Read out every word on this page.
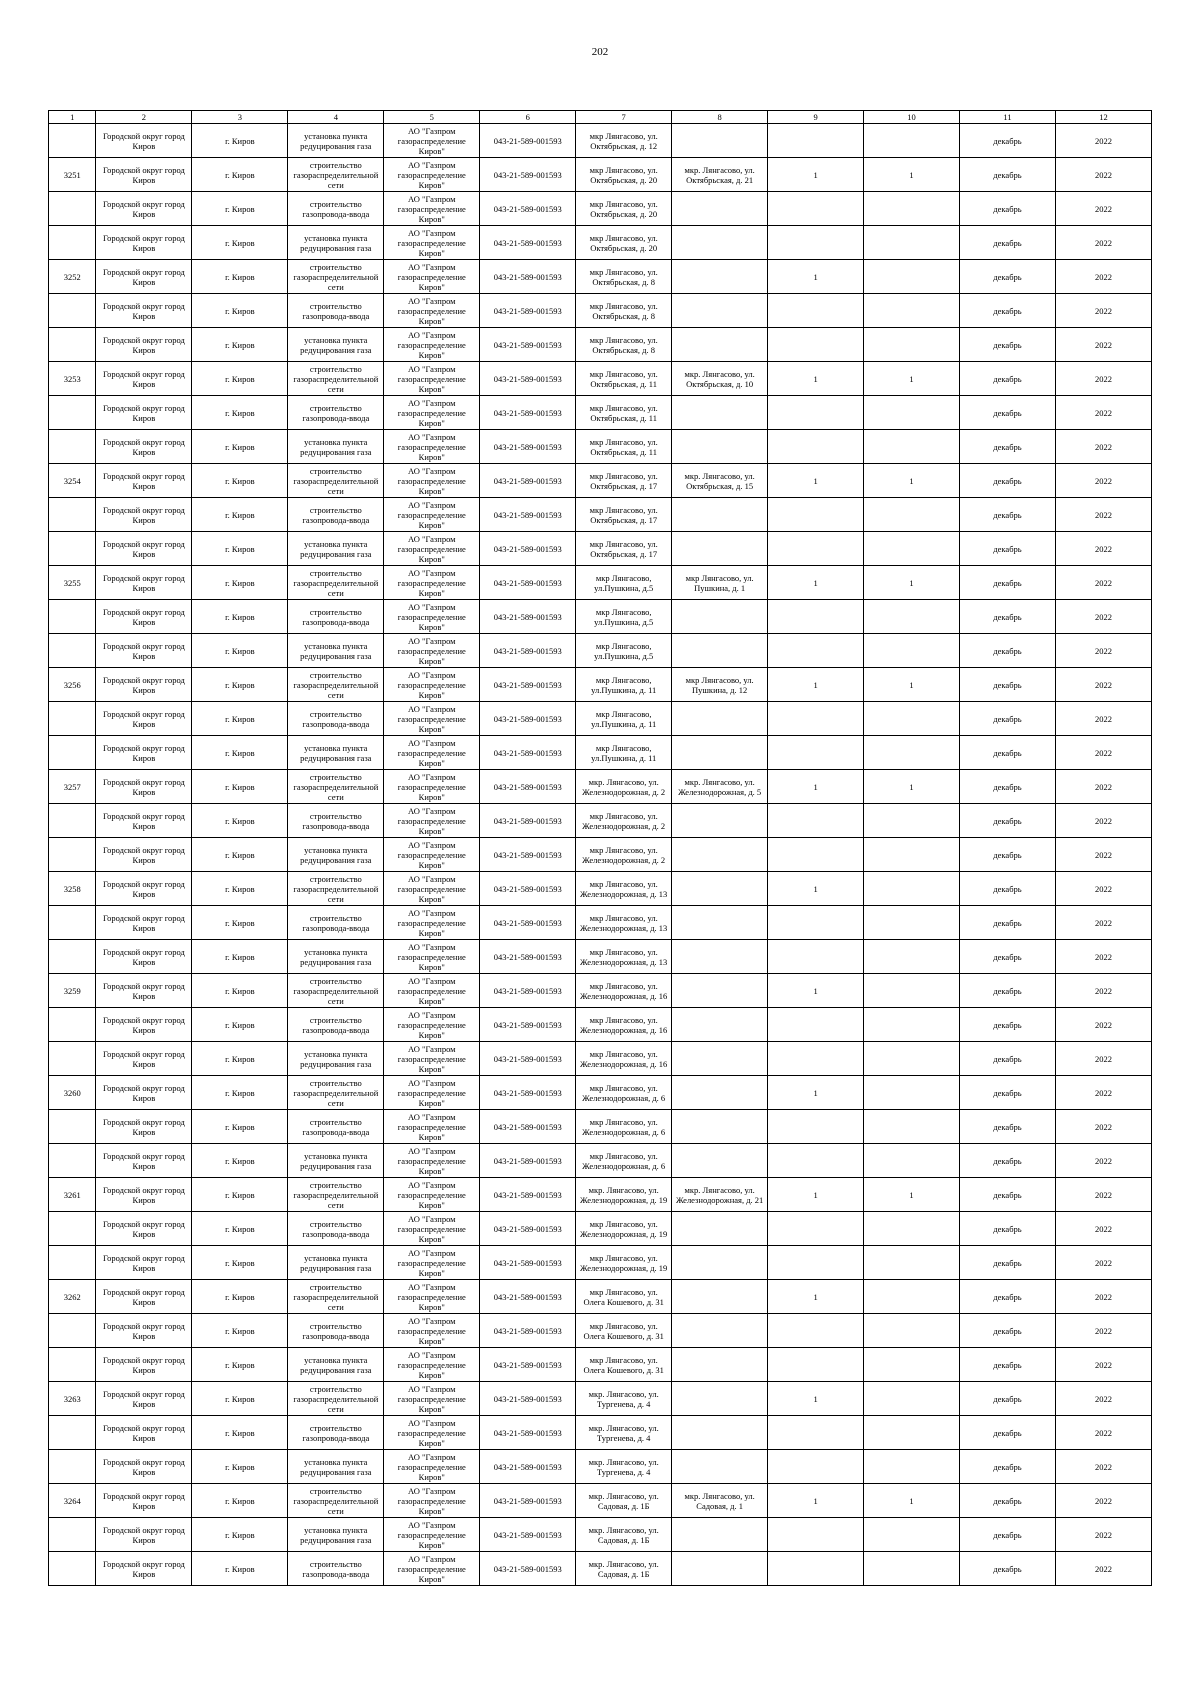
202
1	2	3	4	5	6	7	8	9	10	11	12

	Городской округ город Киров	г. Киров	установка пункта редуцирования газа	АО "Газпром газораспределение Киров"	043-21-589-001593	мкр Лянгасово, ул. Октябрьская, д. 12				декабрь	2022

3251	Городской округ город Киров	г. Киров	строительство газораспределительной сети	АО "Газпром газораспределение Киров"	043-21-589-001593	мкр Лянгасово, ул. Октябрьская, д. 20	мкр. Лянгасово, ул. Октябрьская, д. 21	1	1	декабрь	2022

	Городской округ город Киров	г. Киров	строительство газопровода-ввода	АО "Газпром газораспределение Киров"	043-21-589-001593	мкр Лянгасово, ул. Октябрьская, д. 20				декабрь	2022

	Городской округ город Киров	г. Киров	установка пункта редуцирования газа	АО "Газпром газораспределение Киров"	043-21-589-001593	мкр Лянгасово, ул. Октябрьская, д. 20				декабрь	2022

3252	Городской округ город Киров	г. Киров	строительство газораспределительной сети	АО "Газпром газораспределение Киров"	043-21-589-001593	мкр Лянгасово, ул. Октябрьская, д. 8		1		декабрь	2022

	Городской округ город Киров	г. Киров	строительство газопровода-ввода	АО "Газпром газораспределение Киров"	043-21-589-001593	мкр Лянгасово, ул. Октябрьская, д. 8				декабрь	2022

	Городской округ город Киров	г. Киров	установка пункта редуцирования газа	АО "Газпром газораспределение Киров"	043-21-589-001593	мкр Лянгасово, ул. Октябрьская, д. 8				декабрь	2022

3253	Городской округ город Киров	г. Киров	строительство газораспределительной сети	АО "Газпром газораспределение Киров"	043-21-589-001593	мкр Лянгасово, ул. Октябрьская, д. 11	мкр. Лянгасово, ул. Октябрьская, д. 10	1	1	декабрь	2022

	Городской округ город Киров	г. Киров	строительство газопровода-ввода	АО "Газпром газораспределение Киров"	043-21-589-001593	мкр Лянгасово, ул. Октябрьская, д. 11				декабрь	2022

	Городской округ город Киров	г. Киров	установка пункта редуцирования газа	АО "Газпром газораспределение Киров"	043-21-589-001593	мкр Лянгасово, ул. Октябрьская, д. 11				декабрь	2022

3254	Городской округ город Киров	г. Киров	строительство газораспределительной сети	АО "Газпром газораспределение Киров"	043-21-589-001593	мкр Лянгасово, ул. Октябрьская, д. 17	мкр. Лянгасово, ул. Октябрьская, д. 15	1	1	декабрь	2022

	Городской округ город Киров	г. Киров	строительство газопровода-ввода	АО "Газпром газораспределение Киров"	043-21-589-001593	мкр Лянгасово, ул. Октябрьская, д. 17				декабрь	2022

	Городской округ город Киров	г. Киров	установка пункта редуцирования газа	АО "Газпром газораспределение Киров"	043-21-589-001593	мкр Лянгасово, ул. Октябрьская, д. 17				декабрь	2022

3255	Городской округ город Киров	г. Киров	строительство газораспределительной сети	АО "Газпром газораспределение Киров"	043-21-589-001593	мкр Лянгасово, ул.Пушкина, д.5	мкр Лянгасово, ул. Пушкина, д. 1	1	1	декабрь	2022

	Городской округ город Киров	г. Киров	строительство газопровода-ввода	АО "Газпром газораспределение Киров"	043-21-589-001593	мкр Лянгасово, ул.Пушкина, д.5				декабрь	2022

	Городской округ город Киров	г. Киров	установка пункта редуцирования газа	АО "Газпром газораспределение Киров"	043-21-589-001593	мкр Лянгасово, ул.Пушкина, д.5				декабрь	2022

3256	Городской округ город Киров	г. Киров	строительство газораспределительной сети	АО "Газпром газораспределение Киров"	043-21-589-001593	мкр Лянгасово, ул.Пушкина, д. 11	мкр Лянгасово, ул. Пушкина, д. 12	1	1	декабрь	2022

	Городской округ город Киров	г. Киров	строительство газопровода-ввода	АО "Газпром газораспределение Киров"	043-21-589-001593	мкр Лянгасово, ул.Пушкина, д. 11				декабрь	2022

	Городской округ город Киров	г. Киров	установка пункта редуцирования газа	АО "Газпром газораспределение Киров"	043-21-589-001593	мкр Лянгасово, ул.Пушкина, д. 11				декабрь	2022

3257	Городской округ город Киров	г. Киров	строительство газораспределительной сети	АО "Газпром газораспределение Киров"	043-21-589-001593	мкр. Лянгасово, ул. Железнодорожная, д. 2	мкр. Лянгасово, ул. Железнодорожная, д. 5	1	1	декабрь	2022

	Городской округ город Киров	г. Киров	строительство газопровода-ввода	АО "Газпром газораспределение Киров"	043-21-589-001593	мкр Лянгасово, ул. Железнодорожная, д. 2				декабрь	2022

	Городской округ город Киров	г. Киров	установка пункта редуцирования газа	АО "Газпром газораспределение Киров"	043-21-589-001593	мкр Лянгасово, ул. Железнодорожная, д. 2				декабрь	2022

3258	Городской округ город Киров	г. Киров	строительство газораспределительной сети	АО "Газпром газораспределение Киров"	043-21-589-001593	мкр Лянгасово, ул. Железнодорожная, д. 13		1		декабрь	2022

	Городской округ город Киров	г. Киров	строительство газопровода-ввода	АО "Газпром газораспределение Киров"	043-21-589-001593	мкр Лянгасово, ул. Железнодорожная, д. 13				декабрь	2022

	Городской округ город Киров	г. Киров	установка пункта редуцирования газа	АО "Газпром газораспределение Киров"	043-21-589-001593	мкр Лянгасово, ул. Железнодорожная, д. 13				декабрь	2022

3259	Городской округ город Киров	г. Киров	строительство газораспределительной сети	АО "Газпром газораспределение Киров"	043-21-589-001593	мкр Лянгасово, ул. Железнодорожная, д. 16		1		декабрь	2022

	Городской округ город Киров	г. Киров	строительство газопровода-ввода	АО "Газпром газораспределение Киров"	043-21-589-001593	мкр Лянгасово, ул. Железнодорожная, д. 16				декабрь	2022

	Городской округ город Киров	г. Киров	установка пункта редуцирования газа	АО "Газпром газораспределение Киров"	043-21-589-001593	мкр Лянгасово, ул. Железнодорожная, д. 16				декабрь	2022

3260	Городской округ город Киров	г. Киров	строительство газораспределительной сети	АО "Газпром газораспределение Киров"	043-21-589-001593	мкр Лянгасово, ул. Железнодорожная, д. 6		1		декабрь	2022

	Городской округ город Киров	г. Киров	строительство газопровода-ввода	АО "Газпром газораспределение Киров"	043-21-589-001593	мкр Лянгасово, ул. Железнодорожная, д. 6				декабрь	2022

	Городской округ город Киров	г. Киров	установка пункта редуцирования газа	АО "Газпром газораспределение Киров"	043-21-589-001593	мкр Лянгасово, ул. Железнодорожная, д. 6				декабрь	2022

3261	Городской округ город Киров	г. Киров	строительство газораспределительной сети	АО "Газпром газораспределение Киров"	043-21-589-001593	мкр. Лянгасово, ул. Железнодорожная, д. 19	мкр. Лянгасово, ул. Железнодорожная, д. 21	1	1	декабрь	2022

	Городской округ город Киров	г. Киров	строительство газопровода-ввода	АО "Газпром газораспределение Киров"	043-21-589-001593	мкр Лянгасово, ул. Железнодорожная, д. 19				декабрь	2022

	Городской округ город Киров	г. Киров	установка пункта редуцирования газа	АО "Газпром газораспределение Киров"	043-21-589-001593	мкр Лянгасово, ул. Железнодорожная, д. 19				декабрь	2022

3262	Городской округ город Киров	г. Киров	строительство газораспределительной сети	АО "Газпром газораспределение Киров"	043-21-589-001593	мкр Лянгасово, ул. Олега Кошевого, д. 31		1		декабрь	2022

	Городской округ город Киров	г. Киров	строительство газопровода-ввода	АО "Газпром газораспределение Киров"	043-21-589-001593	мкр Лянгасово, ул. Олега Кошевого, д. 31				декабрь	2022

	Городской округ город Киров	г. Киров	установка пункта редуцирования газа	АО "Газпром газораспределение Киров"	043-21-589-001593	мкр Лянгасово, ул. Олега Кошевого, д. 31				декабрь	2022

3263	Городской округ город Киров	г. Киров	строительство газораспределительной сети	АО "Газпром газораспределение Киров"	043-21-589-001593	мкр. Лянгасово, ул. Тургенева, д. 4		1		декабрь	2022

	Городской округ город Киров	г. Киров	строительство газопровода-ввода	АО "Газпром газораспределение Киров"	043-21-589-001593	мкр. Лянгасово, ул. Тургенева, д. 4				декабрь	2022

	Городской округ город Киров	г. Киров	установка пункта редуцирования газа	АО "Газпром газораспределение Киров"	043-21-589-001593	мкр. Лянгасово, ул. Тургенева, д. 4				декабрь	2022

3264	Городской округ город Киров	г. Киров	строительство газораспределительной сети	АО "Газпром газораспределение Киров"	043-21-589-001593	мкр. Лянгасово, ул. Садовая, д. 1Б	мкр. Лянгасово, ул. Садовая, д. 1	1	1	декабрь	2022

	Городской округ город Киров	г. Киров	установка пункта редуцирования газа	АО "Газпром газораспределение Киров"	043-21-589-001593	мкр. Лянгасово, ул. Садовая, д. 1Б				декабрь	2022

	Городской округ город Киров	г. Киров	строительство газопровода-ввода	АО "Газпром газораспределение Киров"	043-21-589-001593	мкр. Лянгасово, ул. Садовая, д. 1Б				декабрь	2022
